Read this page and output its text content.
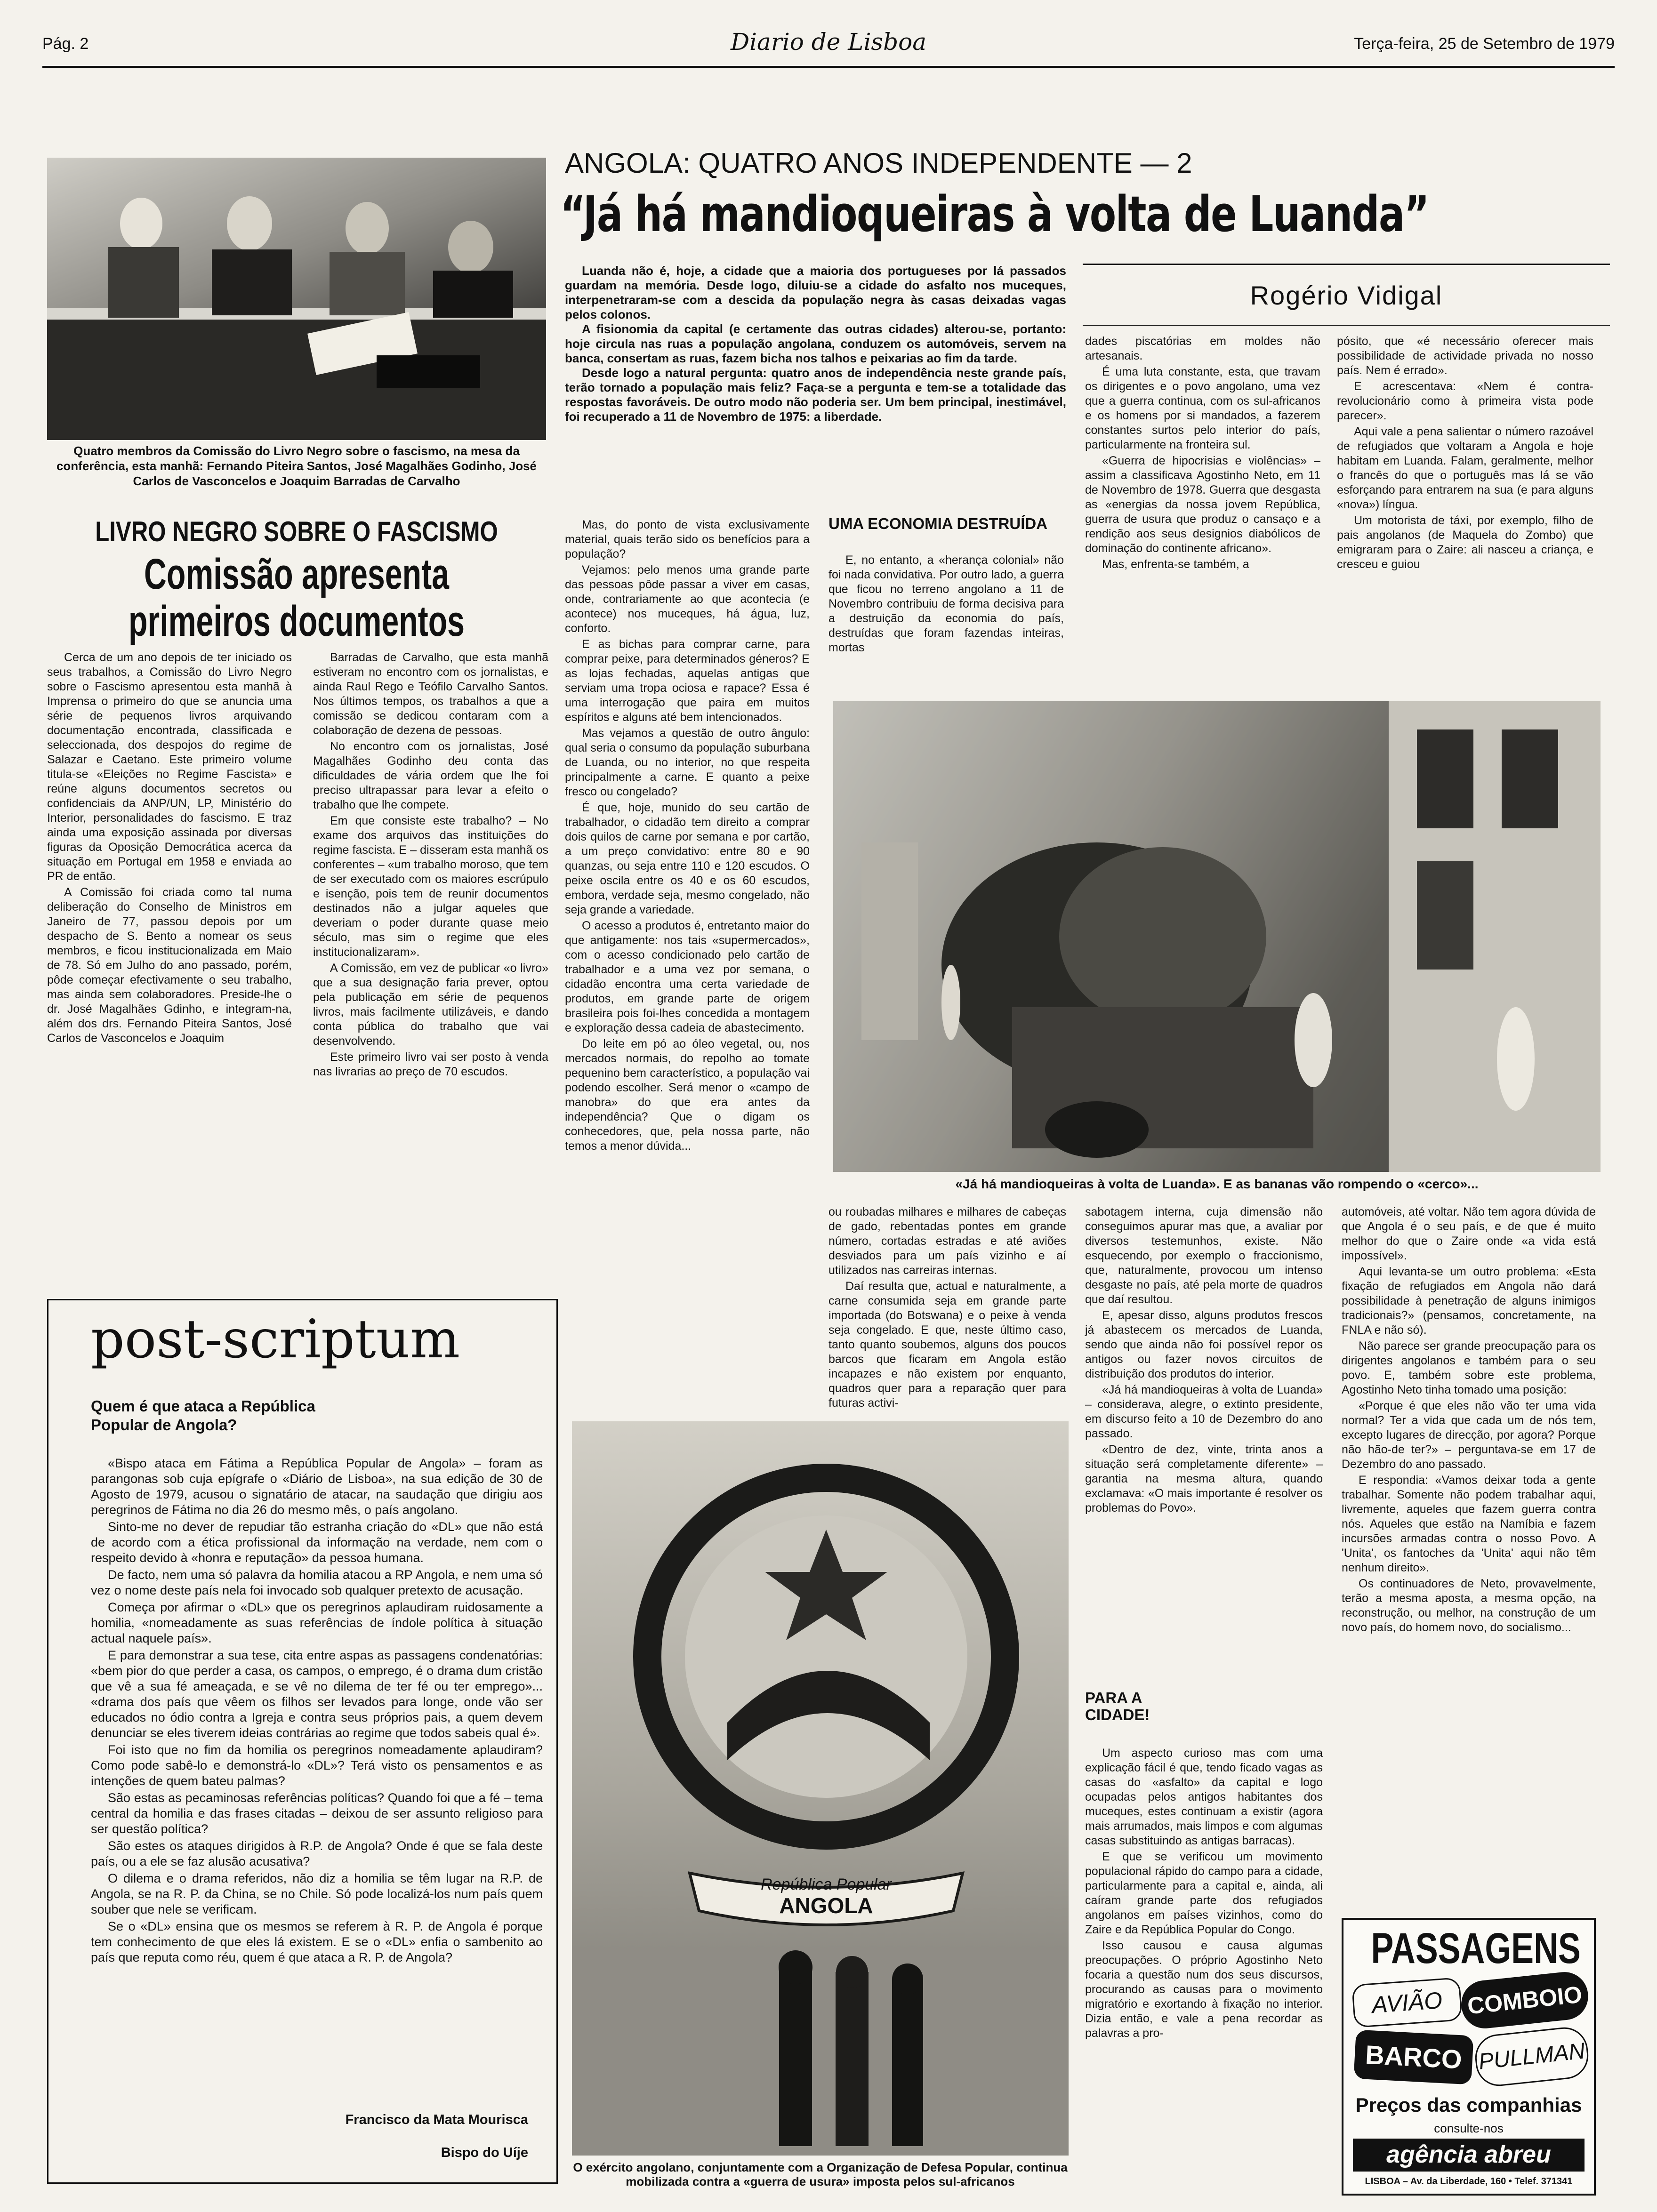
Pág. 2	Diario de Lisboa	Terça-feira, 25 de Setembro de 1979
Quatro membros da Comissão do Livro Negro sobre o fascismo, na mesa da conferência, esta manhã: Fernando Piteira Santos, José Magalhães Godinho, José Carlos de Vasconcelos e Joaquim Barradas de Carvalho
LIVRO NEGRO SOBRE O FASCISMO
Comissão apresenta
primeiros documentos

Cerca de um ano depois de ter iniciado os seus trabalhos, a Comissão do Livro Negro sobre o Fascismo apresentou esta manhã à Imprensa o primeiro do que se anuncia uma série de pequenos livros arquivando documentação encontrada, classificada e seleccionada, dos despojos do regime de Salazar e Caetano. Este primeiro volume titula-se «Eleições no Regime Fascista» e reúne alguns documentos secretos ou confidenciais da ANP/UN, LP, Ministério do Interior, personalidades do fascismo. E traz ainda uma exposição assinada por diversas figuras da Oposição Democrática acerca da situação em Portugal em 1958 e enviada ao PR de então.

A Comissão foi criada como tal numa deliberação do Conselho de Ministros em Janeiro de 77, passou depois por um despacho de S. Bento a nomear os seus membros, e ficou institucionalizada em Maio de 78. Só em Julho do ano passado, porém, pôde começar efectivamente o seu trabalho, mas ainda sem colaboradores. Preside-lhe o dr. José Magalhães Gdinho, e integram-na, além dos drs. Fernando Piteira Santos, José Carlos de Vasconcelos e Joaquim

Barradas de Carvalho, que esta manhã estiveram no encontro com os jornalistas, e ainda Raul Rego e Teófilo Carvalho Santos. Nos últimos tempos, os trabalhos a que a comissão se dedicou contaram com a colaboração de dezena de pessoas.

No encontro com os jornalistas, José Magalhães Godinho deu conta das dificuldades de vária ordem que lhe foi preciso ultrapassar para levar a efeito o trabalho que lhe compete.

Em que consiste este trabalho? – No exame dos arquivos das instituições do regime fascista. E – disseram esta manhã os conferentes – «um trabalho moroso, que tem de ser executado com os maiores escrúpulo e isenção, pois tem de reunir documentos destinados não a julgar aqueles que deveriam o poder durante quase meio século, mas sim o regime que eles institucionalizaram».

A Comissão, em vez de publicar «o livro» que a sua designação faria prever, optou pela publicação em série de pequenos livros, mais facilmente utilizáveis, e dando conta pública do trabalho que vai desenvolvendo.

Este primeiro livro vai ser posto à venda nas livrarias ao preço de 70 escudos.

post-scriptum
Quem é que ataca a República Popular de Angola?

«Bispo ataca em Fátima a República Popular de Angola» – foram as parangonas sob cuja epígrafe o «Diário de Lisboa», na sua edição de 30 de Agosto de 1979, acusou o signatário de atacar, na saudação que dirigiu aos peregrinos de Fátima no dia 26 do mesmo mês, o país angolano.

Sinto-me no dever de repudiar tão estranha criação do «DL» que não está de acordo com a ética profissional da informação na verdade, nem com o respeito devido à «honra e reputação» da pessoa humana.

De facto, nem uma só palavra da homilia atacou a RP Angola, e nem uma só vez o nome deste país nela foi invocado sob qualquer pretexto de acusação.

Começa por afirmar o «DL» que os peregrinos aplaudiram ruidosamente a homilia, «nomeadamente as suas referências de índole política à situação actual naquele país».

E para demonstrar a sua tese, cita entre aspas as passagens condenatórias: «bem pior do que perder a casa, os campos, o emprego, é o drama dum cristão que vê a sua fé ameaçada, e se vê no dilema de ter fé ou ter emprego»... «drama dos país que vêem os filhos ser levados para longe, onde vão ser educados no ódio contra a Igreja e contra seus próprios pais, a quem devem denunciar se eles tiverem ideias contrárias ao regime que todos sabeis qual é».

Foi isto que no fim da homilia os peregrinos nomeadamente aplaudiram? Como pode sabê-lo e demonstrá-lo «DL»? Terá visto os pensamentos e as intenções de quem bateu palmas?

São estas as pecaminosas referências políticas? Quando foi que a fé – tema central da homilia e das frases citadas – deixou de ser assunto religioso para ser questão política?

São estes os ataques dirigidos à R.P. de Angola? Onde é que se fala deste país, ou a ele se faz alusão acusativa?

O dilema e o drama referidos, não diz a homilia se têm lugar na R.P. de Angola, se na R. P. da China, se no Chile. Só pode localizá-los num país quem souber que nele se verificam.

Se o «DL» ensina que os mesmos se referem à R. P. de Angola é porque tem conhecimento de que eles lá existem. E se o «DL» enfia o sambenito ao país que reputa como réu, quem é que ataca a R. P. de Angola?

Francisco da Mata Mourisca
Bispo do Uíje
ANGOLA: QUATRO ANOS INDEPENDENTE — 2
“Já há mandioqueiras à volta de Luanda”
Rogério Vidigal

Luanda não é, hoje, a cidade que a maioria dos portugueses por lá passados guardam na memória. Desde logo, diluiu-se a cidade do asfalto nos muceques, interpenetraram-se com a descida da população negra às casas deixadas vagas pelos colonos.

A fisionomia da capital (e certamente das outras cidades) alterou-se, portanto: hoje circula nas ruas a população angolana, conduzem os automóveis, servem na banca, consertam as ruas, fazem bicha nos talhos e peixarias ao fim da tarde.

Desde logo a natural pergunta: quatro anos de independência neste grande país, terão tornado a população mais feliz? Faça-se a pergunta e tem-se a totalidade das respostas favoráveis. De outro modo não poderia ser. Um bem principal, inestimável, foi recuperado a 11 de Novembro de 1975: a liberdade.

Mas, do ponto de vista exclusivamente material, quais terão sido os benefícios para a população?

Vejamos: pelo menos uma grande parte das pessoas pôde passar a viver em casas, onde, contrariamente ao que acontecia (e acontece) nos muceques, há água, luz, conforto.

E as bichas para comprar carne, para comprar peixe, para determinados géneros? E as lojas fechadas, aquelas antigas que serviam uma tropa ociosa e rapace? Essa é uma interrogação que paira em muitos espíritos e alguns até bem intencionados.

Mas vejamos a questão de outro ângulo: qual seria o consumo da população suburbana de Luanda, ou no interior, no que respeita principalmente a carne. E quanto a peixe fresco ou congelado?

É que, hoje, munido do seu cartão de trabalhador, o cidadão tem direito a comprar dois quilos de carne por semana e por cartão, a um preço convidativo: entre 80 e 90 quanzas, ou seja entre 110 e 120 escudos. O peixe oscila entre os 40 e os 60 escudos, embora, verdade seja, mesmo congelado, não seja grande a variedade.

O acesso a produtos é, entretanto maior do que antigamente: nos tais «supermercados», com o acesso condicionado pelo cartão de trabalhador e a uma vez por semana, o cidadão encontra uma certa variedade de produtos, em grande parte de origem brasileira pois foi-lhes concedida a montagem e exploração dessa cadeia de abastecimento.

Do leite em pó ao óleo vegetal, ou, nos mercados normais, do repolho ao tomate pequenino bem característico, a população vai podendo escolher. Será menor o «campo de manobra» do que era antes da independência? Que o digam os conhecedores, que, pela nossa parte, não temos a menor dúvida...

UMA ECONOMIA DESTRUÍDA

E, no entanto, a «herança colonial» não foi nada convidativa. Por outro lado, a guerra que ficou no terreno angolano a 11 de Novembro contribuiu de forma decisiva para a destruição da economia do país, destruídas que foram fazendas inteiras, mortas

dades piscatórias em moldes não artesanais.

É uma luta constante, esta, que travam os dirigentes e o povo angolano, uma vez que a guerra continua, com os sul-africanos e os homens por si mandados, a fazerem constantes surtos pelo interior do país, particularmente na fronteira sul.

«Guerra de hipocrisias e violências» – assim a classificava Agostinho Neto, em 11 de Novembro de 1978. Guerra que desgasta as «energias da nossa jovem República, guerra de usura que produz o cansaço e a rendição aos seus designios diabólicos de dominação do continente africano».

Mas, enfrenta-se também, a

pósito, que «é necessário oferecer mais possibilidade de actividade privada no nosso país. Nem é errado».

E acrescentava: «Nem é contra-revolucionário como à primeira vista pode parecer».

Aqui vale a pena salientar o número razoável de refugiados que voltaram a Angola e hoje habitam em Luanda. Falam, geralmente, melhor o francês do que o português mas lá se vão esforçando para entrarem na sua (e para alguns «nova») língua.

Um motorista de táxi, por exemplo, filho de pais angolanos (de Maquela do Zombo) que emigraram para o Zaire: ali nasceu a criança, e cresceu e guiou

«Já há mandioqueiras à volta de Luanda». E as bananas vão rompendo o «cerco»...

ou roubadas milhares e milhares de cabeças de gado, rebentadas pontes em grande número, cortadas estradas e até aviões desviados para um país vizinho e aí utilizados nas carreiras internas.

Daí resulta que, actual e naturalmente, a carne consumida seja em grande parte importada (do Botswana) e o peixe à venda seja congelado. E que, neste último caso, tanto quanto soubemos, alguns dos poucos barcos que ficaram em Angola estão incapazes e não existem por enquanto, quadros quer para a reparação quer para futuras activi-

sabotagem interna, cuja dimensão não conseguimos apurar mas que, a avaliar por diversos testemunhos, existe. Não esquecendo, por exemplo o fraccionismo, que, naturalmente, provocou um intenso desgaste no país, até pela morte de quadros que daí resultou.

E, apesar disso, alguns produtos frescos já abastecem os mercados de Luanda, sendo que ainda não foi possível repor os antigos ou fazer novos circuitos de distribuição dos produtos do interior.

«Já há mandioqueiras à volta de Luanda» – considerava, alegre, o extinto presidente, em discurso feito a 10 de Dezembro do ano passado.

«Dentro de dez, vinte, trinta anos a situação será completamente diferente» – garantia na mesma altura, quando exclamava: «O mais importante é resolver os problemas do Povo».

PARA A CIDADE!

Um aspecto curioso mas com uma explicação fácil é que, tendo ficado vagas as casas do «asfalto» da capital e logo ocupadas pelos antigos habitantes dos muceques, estes continuam a existir (agora mais arrumados, mais limpos e com algumas casas substituindo as antigas barracas).

E que se verificou um movimento populacional rápido do campo para a cidade, particularmente para a capital e, ainda, ali caíram grande parte dos refugiados angolanos em países vizinhos, como do Zaire e da República Popular do Congo.

Isso causou e causa algumas preocupações. O próprio Agostinho Neto focaria a questão num dos seus discursos, procurando as causas para o movimento migratório e exortando à fixação no interior. Dizia então, e vale a pena recordar as palavras a pro-

automóveis, até voltar. Não tem agora dúvida de que Angola é o seu país, e de que é muito melhor do que o Zaire onde «a vida está impossível».

Aqui levanta-se um outro problema: «Esta fixação de refugiados em Angola não dará possibilidade à penetração de alguns inimigos tradicionais?» (pensamos, concretamente, na FNLA e não só).

Não parece ser grande preocupação para os dirigentes angolanos e também para o seu povo. E, também sobre este problema, Agostinho Neto tinha tomado uma posição:

«Porque é que eles não vão ter uma vida normal? Ter a vida que cada um de nós tem, excepto lugares de direcção, por agora? Porque não hão-de ter?» – perguntava-se em 17 de Dezembro do ano passado.

E respondia: «Vamos deixar toda a gente trabalhar. Somente não podem trabalhar aqui, livremente, aqueles que fazem guerra contra nós. Aqueles que estão na Namíbia e fazem incursões armadas contra o nosso Povo. A 'Unita', os fantoches da 'Unita' aqui não têm nenhum direito».

Os continuadores de Neto, provavelmente, terão a mesma aposta, a mesma opção, na reconstrução, ou melhor, na construção de um novo país, do homem novo, do socialismo...

República Popular
ANGOLA
O exército angolano, conjuntamente com a Organização de Defesa Popular, continua mobilizada contra a «guerra de usura» imposta pelos sul-africanos
PASSAGENS
AVIÃO COMBOIO
BARCO PULLMAN
Preços das companhias
consulte-nos
agência abreu
LISBOA – Av. da Liberdade, 160 • Telef. 371341
